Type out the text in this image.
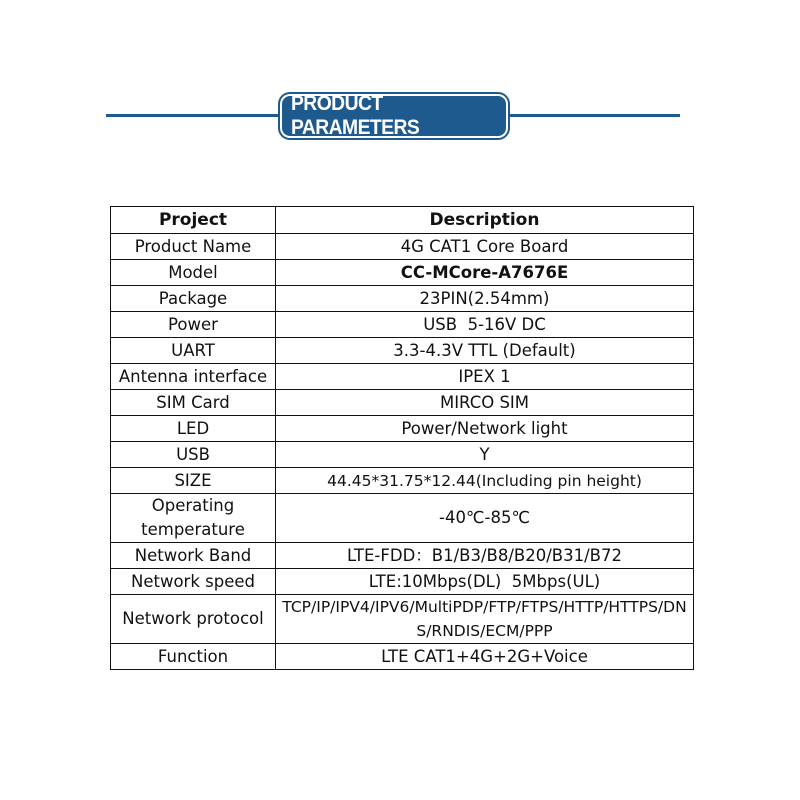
PRODUCT PARAMETERS
Project	Description
Product Name	4G CAT1 Core Board
Model	CC-MCore-A7676E
Package	23PIN(2.54mm)
Power	USB  5-16V DC
UART	3.3-4.3V TTL (Default)
Antenna interface	IPEX 1
SIM Card	MIRCO SIM
LED	Power/Network light
USB	Y
SIZE	44.45*31.75*12.44(Including pin height)

Operating temperature	-40℃-85℃
Network Band	LTE-FDD：B1/B3/B8/B20/B31/B72
Network speed	LTE:10Mbps(DL)  5Mbps(UL)
Network protocol	TCP/IP/IPV4/IPV6/MultiPDP/FTP/FTPS/HTTP/HTTPS/DNS/RNDIS/ECM/PPP

Function	LTE CAT1+4G+2G+Voice
